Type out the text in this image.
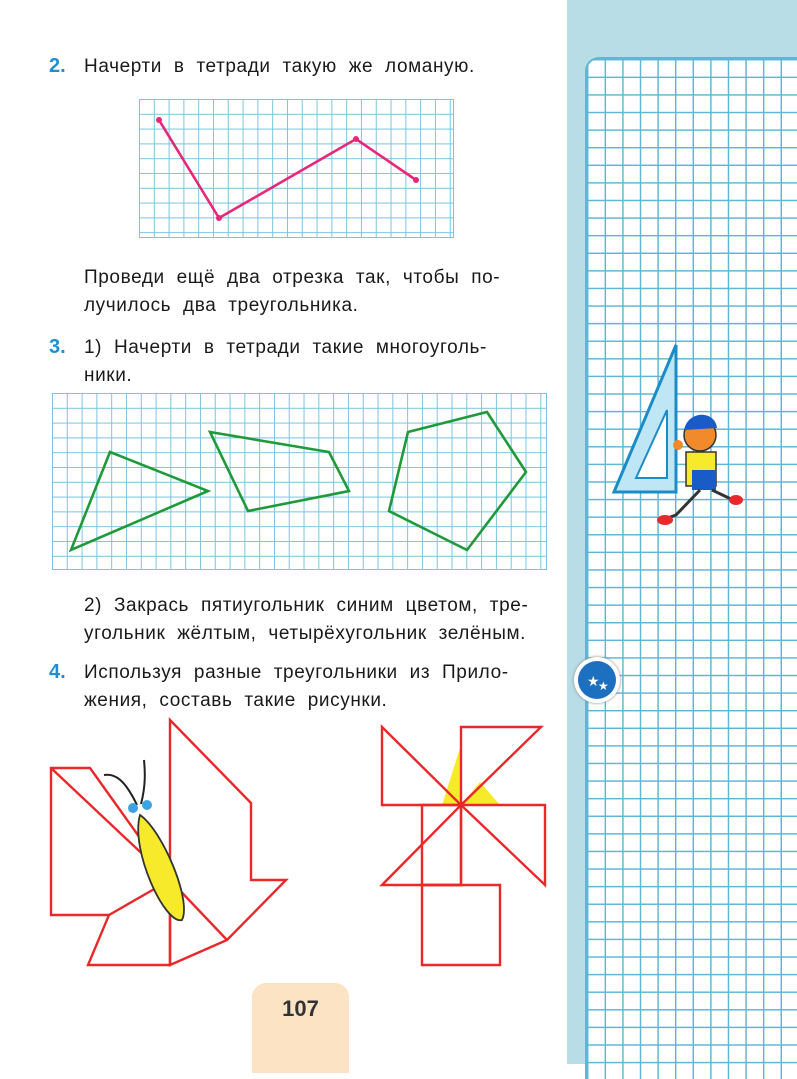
2. Начерти в тетради такую же ломаную.
Проведи ещё два отрезка так, чтобы по-
лучилось два треугольника.
3. 1) Начерти в тетради такие многоуголь-
ники.
2) Закрась пятиугольник синим цветом, тре-
угольник жёлтым, четырёхугольник зелёным.
4. Используя разные треугольники из Прило-
жения, составь такие рисунки.
★
★
107
